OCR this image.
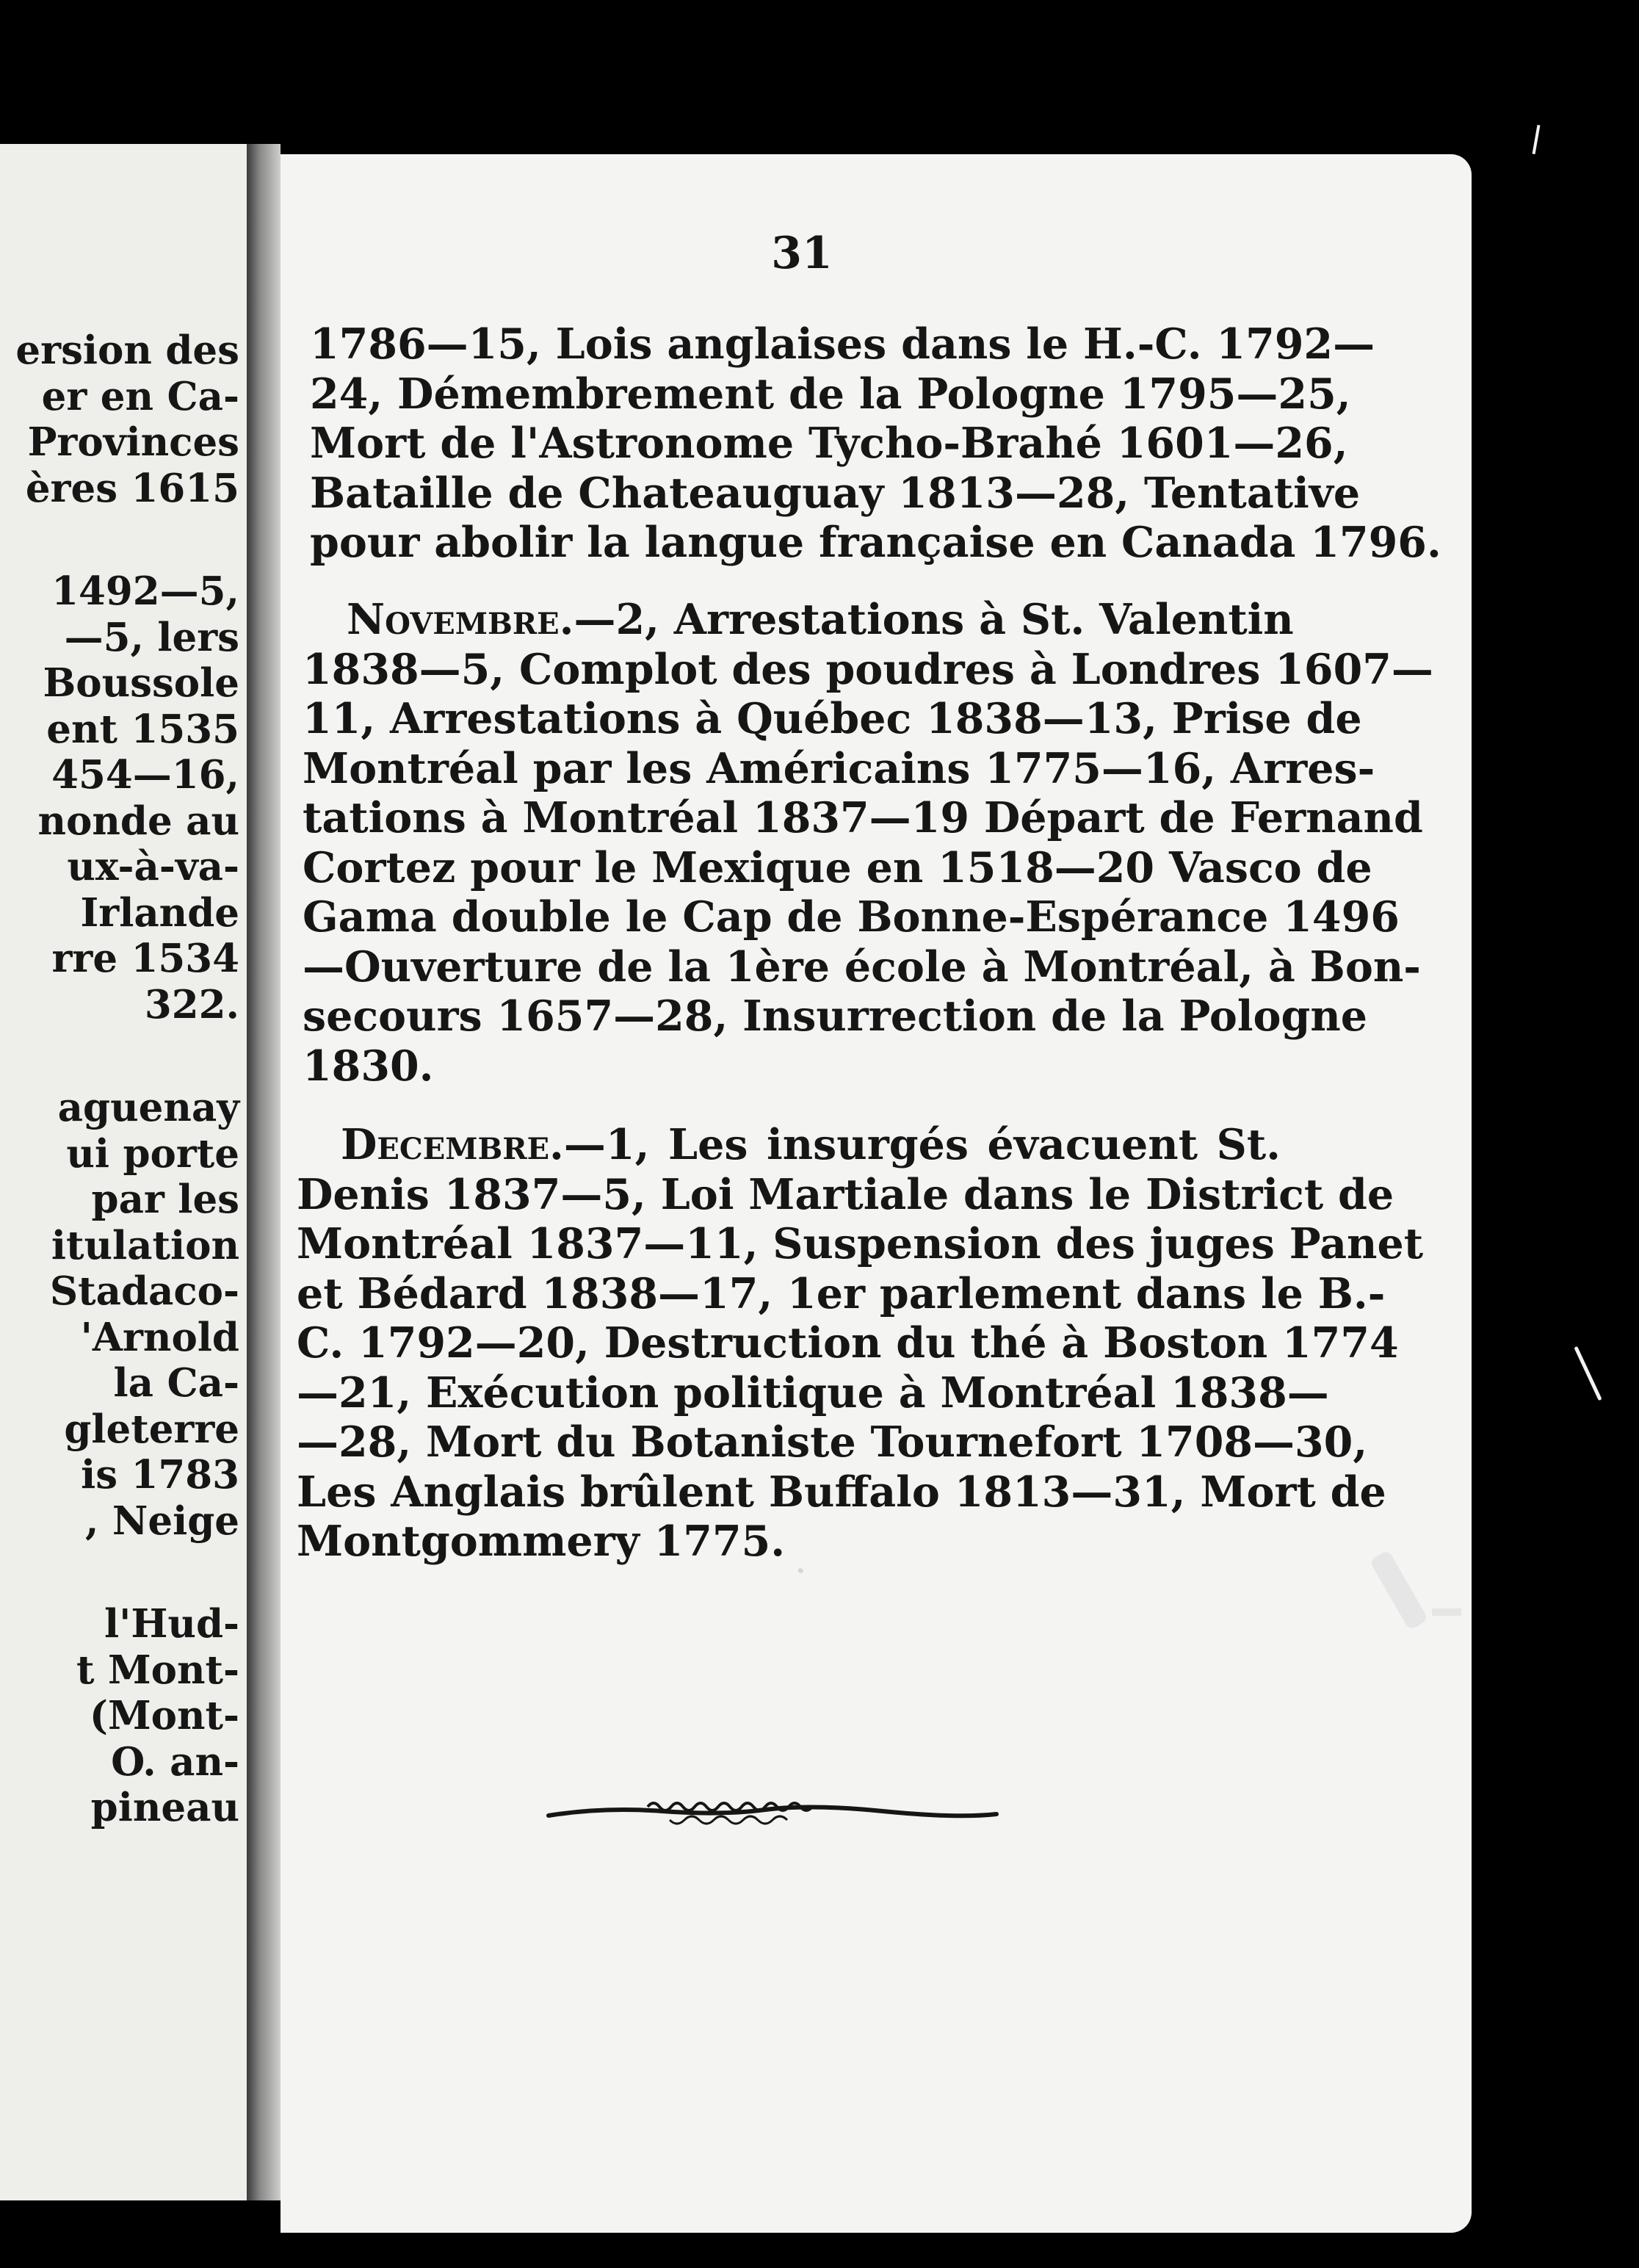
ersion des
er en Ca-
Provinces
ères 1615
1492—5,
—5, lers
Boussole
ent 1535
454—16,
nonde au
ux-à-va-
Irlande
rre 1534
322.
aguenay
ui porte
par les
itulation
Stadaco-
'Arnold
la Ca-
gleterre
is 1783
, Neige
l'Hud-
t Mont-
(Mont-
O. an-
pineau
·
31

1786—15, Lois anglaises dans le H.-C. 1792—
24, Démembrement de la Pologne 1795—25,
Mort de l'Astronome Tycho-Brahé 1601—26,
Bataille de Chateauguay 1813—28, Tentative
pour abolir la langue française en Canada 1796.

Novembre.—2, Arrestations à St. Valentin
1838—5, Complot des poudres à Londres 1607—
11, Arrestations à Québec 1838—13, Prise de
Montréal par les Américains 1775—16, Arres-
tations à Montréal 1837—19 Départ de Fernand
Cortez pour le Mexique en 1518—20 Vasco de
Gama double le Cap de Bonne-Espérance 1496
—Ouverture de la 1ère école à Montréal, à Bon-
secours 1657—28, Insurrection de la Pologne
1830.

Decembre.—1, Les insurgés évacuent St.
Denis 1837—5, Loi Martiale dans le District de
Montréal 1837—11, Suspension des juges Panet
et Bédard 1838—17, 1er parlement dans le B.-
C. 1792—20, Destruction du thé à Boston 1774
—21, Exécution politique à Montréal 1838—
—28, Mort du Botaniste Tournefort 1708—30,
Les Anglais brûlent Buffalo 1813—31, Mort de
Montgommery 1775.
